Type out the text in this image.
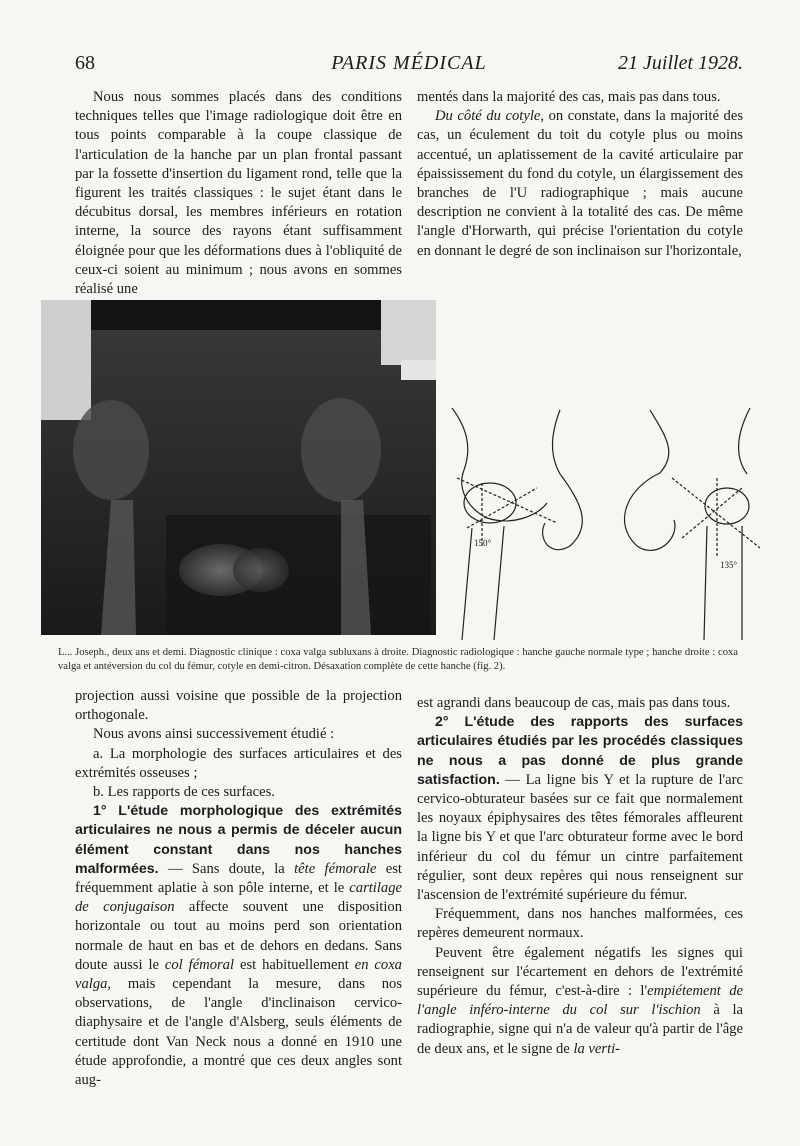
68	PARIS MÉDICAL	21 Juillet 1928.

Nous nous sommes placés dans des conditions techniques telles que l'image radiologique doit être en tous points comparable à la coupe classique de l'articulation de la hanche par un plan frontal passant par la fossette d'insertion du ligament rond, telle que la figurent les traités classiques : le sujet étant dans le décubitus dorsal, les membres inférieurs en rotation interne, la source des rayons étant suffisamment éloignée pour que les déformations dues à l'obliquité de ceux-ci soient au minimum ; nous avons en sommes réalisé une

mentés dans la majorité des cas, mais pas dans tous.

Du côté du cotyle, on constate, dans la majorité des cas, un éculement du toit du cotyle plus ou moins accentué, un aplatissement de la cavité articulaire par épaississement du fond du cotyle, un élargissement des branches de l'U radiographique ; mais aucune description ne convient à la totalité des cas. De même l'angle d'Horwarth, qui précise l'orientation du cotyle en donnant le degré de son inclinaison sur l'horizontale,

150°
135°
L... Joseph., deux ans et demi. Diagnostic clinique : coxa valga subluxans à droite. Diagnostic radiologique : hanche gauche normale type ; hanche droite : coxa valga et antéversion du col du fémur, cotyle en demi-citron. Désaxation complète de cette hanche (fig. 2).

projection aussi voisine que possible de la projection orthogonale.

Nous avons ainsi successivement étudié :

a. La morphologie des surfaces articulaires et des extrémités osseuses ;

b. Les rapports de ces surfaces.

1° L'étude morphologique des extrémités articulaires ne nous a permis de déceler aucun élément constant dans nos hanches malformées. — Sans doute, la tête fémorale est fréquemment aplatie à son pôle interne, et le cartilage de conjugaison affecte souvent une disposition horizontale ou tout au moins perd son orientation normale de haut en bas et de dehors en dedans. Sans doute aussi le col fémoral est habituellement en coxa valga, mais cependant la mesure, dans nos observations, de l'angle d'inclinaison cervico-diaphysaire et de l'angle d'Alsberg, seuls éléments de certitude dont Van Neck nous a donné en 1910 une étude approfondie, a montré que ces deux angles sont aug-

est agrandi dans beaucoup de cas, mais pas dans tous.

2° L'étude des rapports des surfaces articulaires étudiés par les procédés classiques ne nous a pas donné de plus grande satisfaction. — La ligne bis Y et la rupture de l'arc cervico-obturateur basées sur ce fait que normalement les noyaux épiphysaires des têtes fémorales affleurent la ligne bis Y et que l'arc obturateur forme avec le bord inférieur du col du fémur un cintre parfaitement régulier, sont deux repères qui nous renseignent sur l'ascension de l'extrémité supérieure du fémur.

Fréquemment, dans nos hanches malformées, ces repères demeurent normaux.

Peuvent être également négatifs les signes qui renseignent sur l'écartement en dehors de l'extrémité supérieure du fémur, c'est-à-dire : l'empiétement de l'angle inféro-interne du col sur l'ischion à la radiographie, signe qui n'a de valeur qu'à partir de l'âge de deux ans, et le signe de la verti-
